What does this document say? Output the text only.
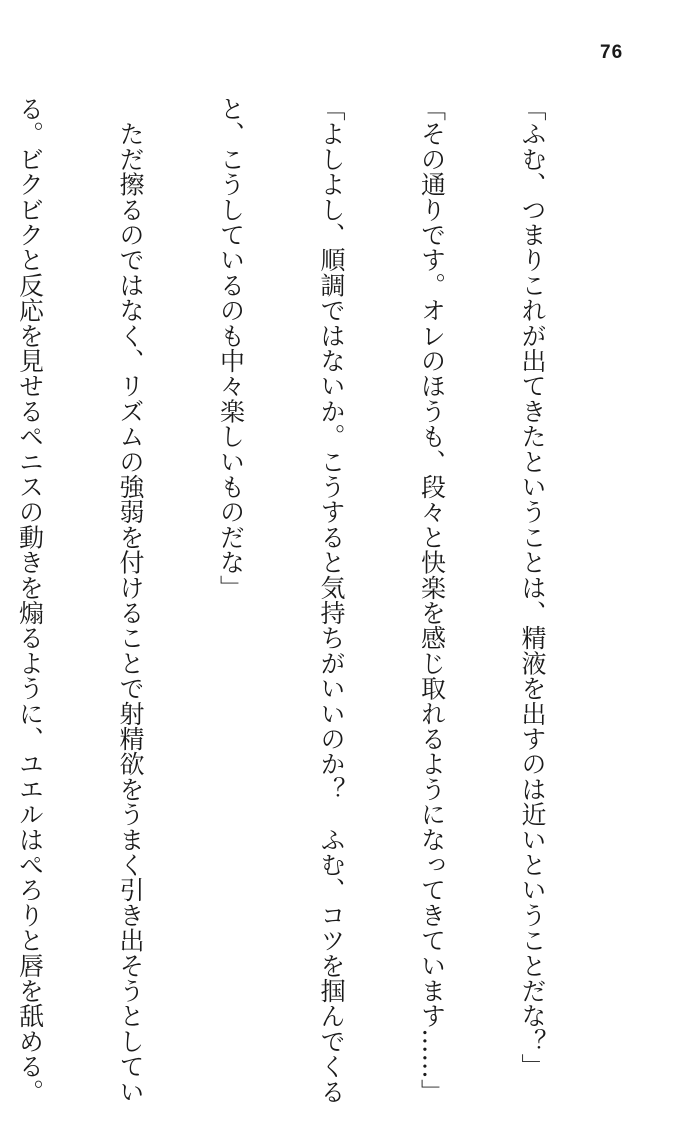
76

「ふむ、つまりこれが出てきたということは、精液を出すのは近いということだな？」

「その通りです。オレのほうも、段々と快楽を感じ取れるようになってきています……」

「よしよし、順調ではないか。こうすると気持ちがいいのか？　ふむ、コツを掴んでくる

と、こうしているのも中々楽しいものだな」

　ただ擦るのではなく、リズムの強弱を付けることで射精欲をうまく引き出そうとしてい

る。ビクビクと反応を見せるペニスの動きを煽るように、ユエルはぺろりと唇を舐める。
